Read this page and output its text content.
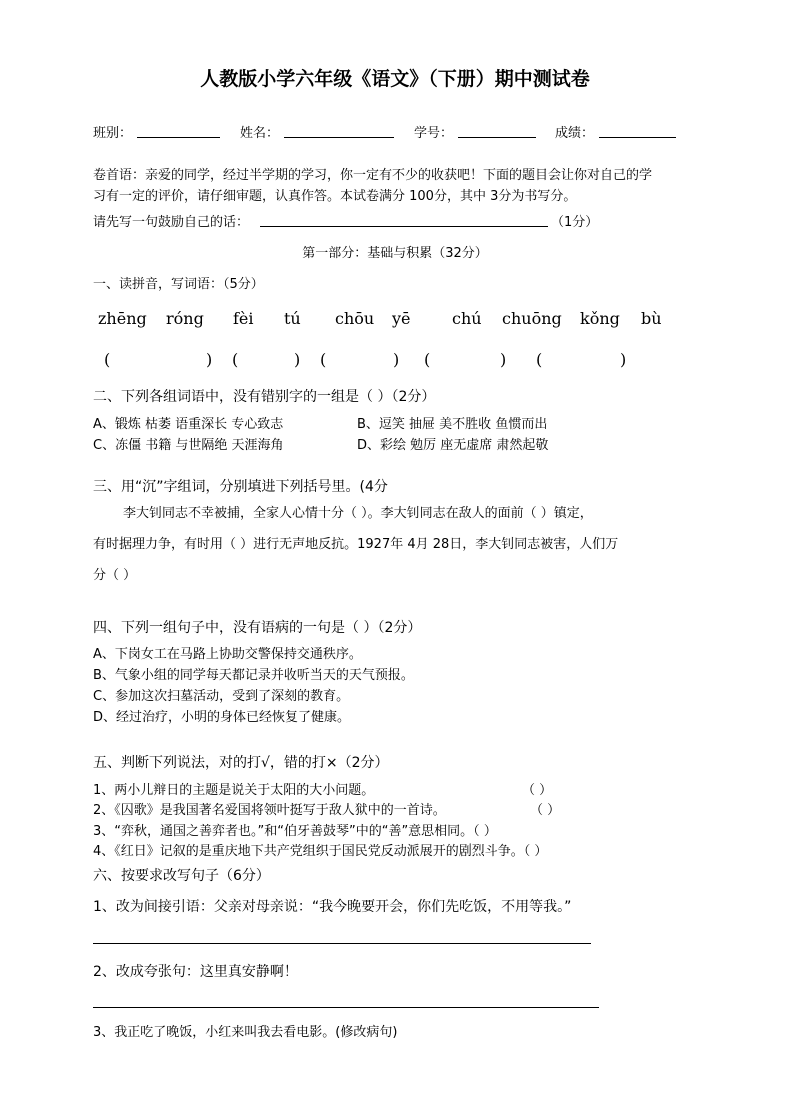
人教版小学六年级《语文》（下册）期中测试卷
班别：	姓名：	学号：	成绩：
卷首语：亲爱的同学，经过半学期的学习，你一定有不少的收获吧！下面的题目会让你对自己的学
习有一定的评价，请仔细审题，认真作答。本试卷满分 100分，其中 3分为书写分。
请先写一句鼓励自己的话：	（1分）
第一部分：基础与积累（32分）
一、读拼音，写词语：（5分）
zhēng róng fèi tú chōu yē	chú chuōng kǒng bù
(	) (	) (	) (	) (	)
二、下列各组词语中，没有错别字的一组是（ ）（2分）
A、锻炼 枯萎 语重深长 专心致志	B、逗笑 抽屉 美不胜收 鱼惯而出
C、冻僵 书籍 与世隔绝 天涯海角	D、彩绘 勉厉 座无虚席 肃然起敬
三、用“沉”字组词，分别填进下列括号里。(4分
李大钊同志不幸被捕，全家人心情十分（ ）。李大钊同志在敌人的面前（ ）镇定，
有时据理力争，有时用（ ）进行无声地反抗。1927年 4月 28日，李大钊同志被害，人们万
分（ ）
四、下列一组句子中，没有语病的一句是（ ）（2分）
A、下岗女工在马路上协助交警保持交通秩序。
B、气象小组的同学每天都记录并收听当天的天气预报。
C、参加这次扫墓活动，受到了深刻的教育。
D、经过治疗，小明的身体已经恢复了健康。
五、判断下列说法，对的打√，错的打×（2分）
1、两小儿辩日的主题是说关于太阳的大小问题。	（ ）
2、《囚歌》是我国著名爱国将领叶挺写于敌人狱中的一首诗。	（ ）
3、“弈秋，通国之善弈者也。”和“伯牙善鼓琴”中的“善”意思相同。（ ）
4、《红日》记叙的是重庆地下共产党组织于国民党反动派展开的剧烈斗争。（ ）
六、按要求改写句子（6分）
1、改为间接引语：父亲对母亲说：“我今晚要开会，你们先吃饭，不用等我。”
2、改成夸张句：这里真安静啊！
3、我正吃了晚饭，小红来叫我去看电影。(修改病句)
